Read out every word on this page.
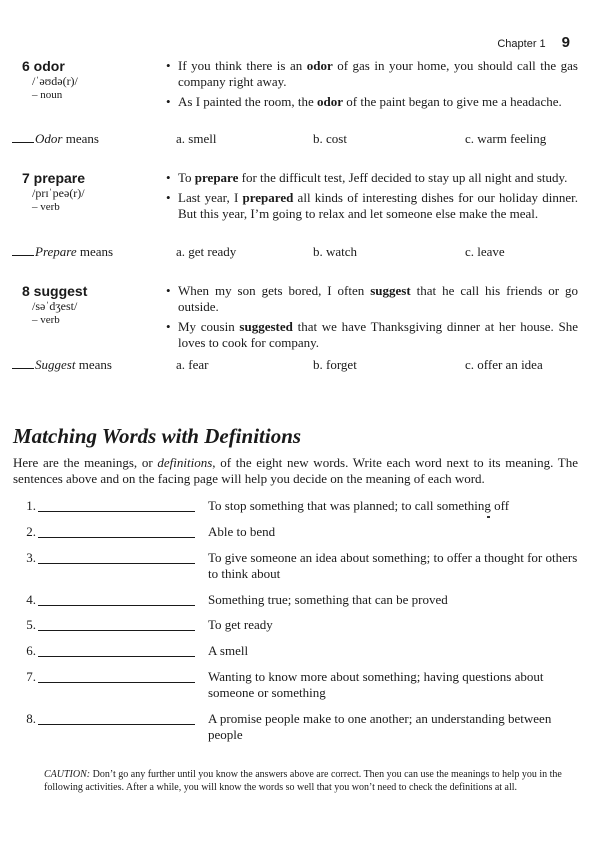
Chapter 1 9
6 odor
/ˈəʊdə(r)/
– noun
• If you think there is an odor of gas in your home, you should call the gas company right away.
• As I painted the room, the odor of the paint began to give me a headache.
Odor means	a. smell	b. cost	c. warm feeling
7 prepare
/prɪˈpeə(r)/
– verb
• To prepare for the difficult test, Jeff decided to stay up all night and study.
• Last year, I prepared all kinds of interesting dishes for our holiday dinner. But this year, I’m going to relax and let someone else make the meal.
Prepare means	a. get ready	b. watch	c. leave
8 suggest
/səˈdʒest/
– verb
• When my son gets bored, I often suggest that he call his friends or go outside.
• My cousin suggested that we have Thanksgiving dinner at her house. She loves to cook for company.
Suggest means	a. fear	b. forget	c. offer an idea
Matching Words with Definitions

Here are the meanings, or definitions, of the eight new words. Write each word next to its meaning. The sentences above and on the facing page will help you decide on the meaning of each word.

1.	To stop something that was planned; to call something off
2.	Able to bend
3.	To give someone an idea about something; to offer a thought for others to think about
4.	Something true; something that can be proved
5.	To get ready
6.	A smell
7.	Wanting to know more about something; having questions about someone or something
8.	A promise people make to one another; an understanding between people

CAUTION: Don’t go any further until you know the answers above are correct. Then you can use the meanings to help you in the following activities. After a while, you will know the words so well that you won’t need to check the definitions at all.
